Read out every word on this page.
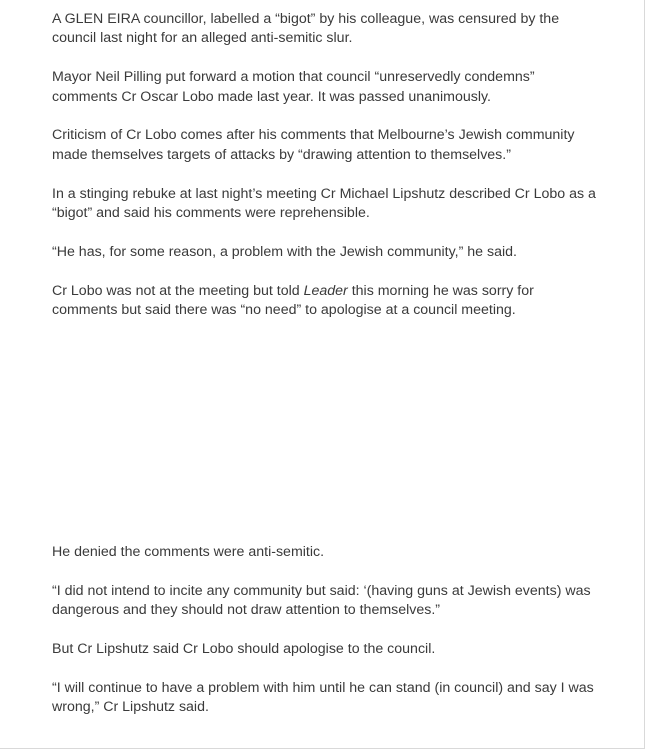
A GLEN EIRA councillor, labelled a “bigot” by his colleague, was censured by the council last night for an alleged anti-semitic slur.

Mayor Neil Pilling put forward a motion that council “unreservedly condemns” comments Cr Oscar Lobo made last year. It was passed unanimously.

Criticism of Cr Lobo comes after his comments that Melbourne’s Jewish community made themselves targets of attacks by “drawing attention to themselves.”

In a stinging rebuke at last night’s meeting Cr Michael Lipshutz described Cr Lobo as a “bigot” and said his comments were reprehensible.

“He has, for some reason, a problem with the Jewish community,” he said.

Cr Lobo was not at the meeting but told Leader this morning he was sorry for comments but said there was “no need” to apologise at a council meeting.

He denied the comments were anti-semitic.

“I did not intend to incite any community but said: ‘(having guns at Jewish events) was dangerous and they should not draw attention to themselves.”

But Cr Lipshutz said Cr Lobo should apologise to the council.

“I will continue to have a problem with him until he can stand (in council) and say I was wrong,” Cr Lipshutz said.
